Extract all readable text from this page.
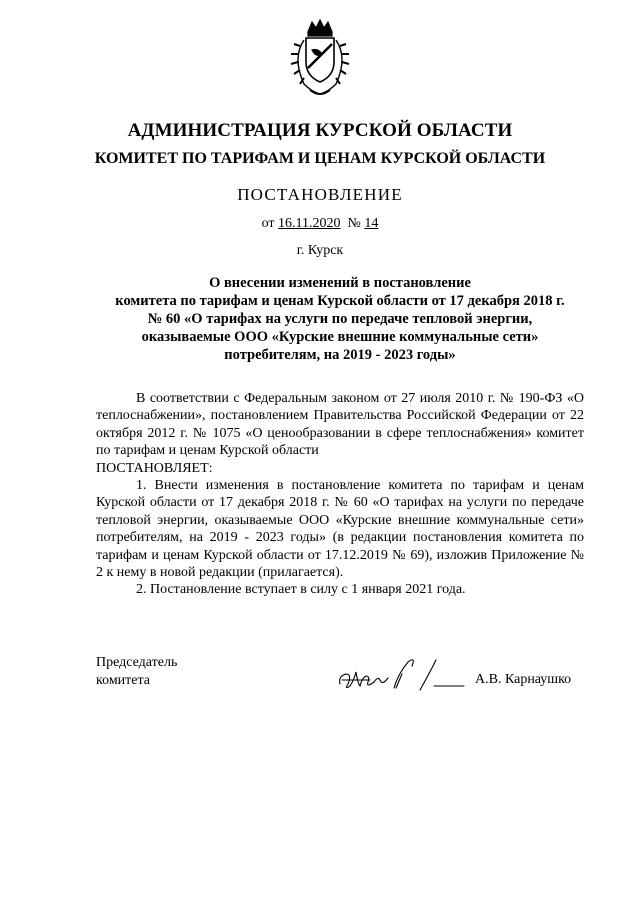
АДМИНИСТРАЦИЯ КУРСКОЙ ОБЛАСТИ
КОМИТЕТ ПО ТАРИФАМ И ЦЕНАМ КУРСКОЙ ОБЛАСТИ
ПОСТАНОВЛЕНИЕ
от 16.11.2020 № 14
г. Курск
О внесении изменений в постановление
комитета по тарифам и ценам Курской области от 17 декабря 2018 г.
№ 60 «О тарифах на услуги по передаче тепловой энергии,
оказываемые ООО «Курские внешние коммунальные сети»
потребителям, на 2019 - 2023 годы»

В соответствии с Федеральным законом от 27 июля 2010 г. № 190-ФЗ «О теплоснабжении», постановлением Правительства Российской Федерации от 22 октября 2012 г. № 1075 «О ценообразовании в сфере теплоснабжения» комитет по тарифам и ценам Курской области

ПОСТАНОВЛЯЕТ:

1. Внести изменения в постановление комитета по тарифам и ценам Курской области от 17 декабря 2018 г. № 60 «О тарифах на услуги по передаче тепловой энергии, оказываемые ООО «Курские внешние коммунальные сети» потребителям, на 2019 - 2023 годы» (в редакции постановления комитета по тарифам и ценам Курской области от 17.12.2019 № 69), изложив Приложение № 2 к нему в новой редакции (прилагается).

2. Постановление вступает в силу с 1 января 2021 года.

Председатель
комитета	А.В. Карнаушко
